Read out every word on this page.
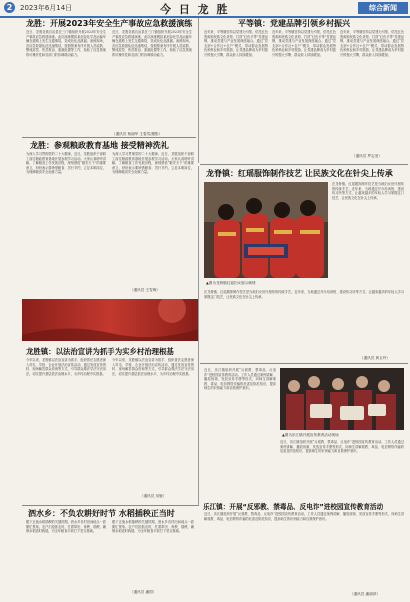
2	2023年6月14日	今 日 龙 胜	综合新闻
龙胜：开展2023年安全生产事故应急救援演练
近日，龙胜各族自治县在三门镇组织开展2023年安全生产事故应急救援演练。此次演练模拟某危险化学品运输车辆在道路上发生交通事故，造成危化品泄漏。演练现场，各应急救援队伍迅速集结，按照预案有序开展人员疏散、警戒封控、伤员救治、泄漏处置等工作，检验了应急预案的可操作性和各部门的协调联动能力。
近日，龙胜各族自治县在三门镇组织开展2023年安全生产事故应急救援演练。此次演练模拟某危险化学品运输车辆在道路上发生交通事故，造成危化品泄漏。演练现场，各应急救援队伍迅速集结，按照预案有序开展人员疏散、警戒封控、伤员救治、泄漏处置等工作，检验了应急预案的可操作性和各部门的协调联动能力。
（通讯员 杨丽华 王春雪/摄影）
平等镇：党建品牌引领乡村振兴
近年来，平等镇坚持以党建为引领，依托红色资源和民族文化优势，打造“红色平等”党建品牌，推动党建与产业发展深度融合。通过“党支部+合作社+农户”模式，带动群众发展特色种养业和乡村旅游，让党建品牌成为乡村振兴的强大引擎，群众收入持续增加。
近年来，平等镇坚持以党建为引领，依托红色资源和民族文化优势，打造“红色平等”党建品牌，推动党建与产业发展深度融合。通过“党支部+合作社+农户”模式，带动群众发展特色种养业和乡村旅游，让党建品牌成为乡村振兴的强大引擎，群众收入持续增加。
近年来，平等镇坚持以党建为引领，依托红色资源和民族文化优势，打造“红色平等”党建品牌，推动党建与产业发展深度融合。通过“党支部+合作社+农户”模式，带动群众发展特色种养业和乡村旅游，让党建品牌成为乡村振兴的强大引擎，群众收入持续增加。
（通讯员 罗志坚）
龙胜：参观粮政教育基地 接受精神洗礼
为深入学习贯彻党的二十大精神，近日，龙胜组织干部职工前往粮政教育基地开展参观学习活动。大家认真聆听讲解，了解粮食工作发展历程，深刻感悟“粮安天下”的重要意义，纷纷表示要珍惜粮食、厉行节约，立足本职岗位，为保障粮食安全贡献力量。
为深入学习贯彻党的二十大精神，近日，龙胜组织干部职工前往粮政教育基地开展参观学习活动。大家认真聆听讲解，了解粮食工作发展历程，深刻感悟“粮安天下”的重要意义，纷纷表示要珍惜粮食、厉行节约，立足本职岗位，为保障粮食安全贡献力量。
（通讯员 王雪梅）
龙脊镇：红瑶服饰制作技艺 让民族文化在针尖上传承
▲图为龙脊镇红瑶妇女展示刺绣
在龙脊镇，红瑶服饰制作技艺是当地妇女世代相传的传统手艺。近年来，当地通过开办培训班、建设传习所等方式，让越来越多的年轻人学习掌握这门技艺，让民族文化在针尖上传承。
在龙脊镇，红瑶服饰制作技艺是当地妇女世代相传的传统手艺。近年来，当地通过开办培训班、建设传习所等方式，让越来越多的年轻人学习掌握这门技艺，让民族文化在针尖上传承。
（通讯员 黄玉玲）
龙胜镇：以法治宣讲为抓手为实乡村治理根基
今年以来，龙胜镇以法治宣讲为抓手，组织普法志愿者深入村屯、学校、企业开展法治宣传活动，通过发放宣传资料、现场解答群众咨询等方式，引导群众尊法学法守法用法，切实提升基层依法治理水平，为乡村治理夯实根基。
今年以来，龙胜镇以法治宣讲为抓手，组织普法志愿者深入村屯、学校、企业开展法治宣传活动，通过发放宣传资料、现场解答群众咨询等方式，引导群众尊法学法守法用法，切实提升基层依法治理水平，为乡村治理夯实根基。
（通讯员 吴敏）
近日，乐江镇组织开展“反邪教、禁毒品、反电诈”进校园宣传教育活动。工作人员通过案例讲解、播放视频、发放宣传手册等形式，向师生讲解邪教、毒品、电信网络诈骗的危害及防范知识，提高师生的识别能力和自我保护意识。
▲图为乐江镇开展宣传教育活动现场
近日，乐江镇组织开展“反邪教、禁毒品、反电诈”进校园宣传教育活动。工作人员通过案例讲解、播放视频、发放宣传手册等形式，向师生讲解邪教、毒品、电信网络诈骗的危害及防范知识，提高师生的识别能力和自我保护意识。
乐江镇：开展“反邪教、禁毒品、反电诈”进校园宣传教育活动
近日，乐江镇组织开展“反邪教、禁毒品、反电诈”进校园宣传教育活动。工作人员通过案例讲解、播放视频、发放宣传手册等形式，向师生讲解邪教、毒品、电信网络诈骗的危害及防范知识，提高师生的识别能力和自我保护意识。
（通讯员 潘丽萍）
泗水乡：不负农耕好时节 水稻插秧正当时
眼下正值水稻插秧的关键时期，泗水乡各村田间地头一派繁忙景象。农户们抢抓农时，忙着犁田、育秧、插秧，确保水稻适时栽插，为全年粮食丰收打下坚实基础。
眼下正值水稻插秧的关键时期，泗水乡各村田间地头一派繁忙景象。农户们抢抓农时，忙着犁田、育秧、插秧，确保水稻适时栽插，为全年粮食丰收打下坚实基础。
（通讯员 潘国）
